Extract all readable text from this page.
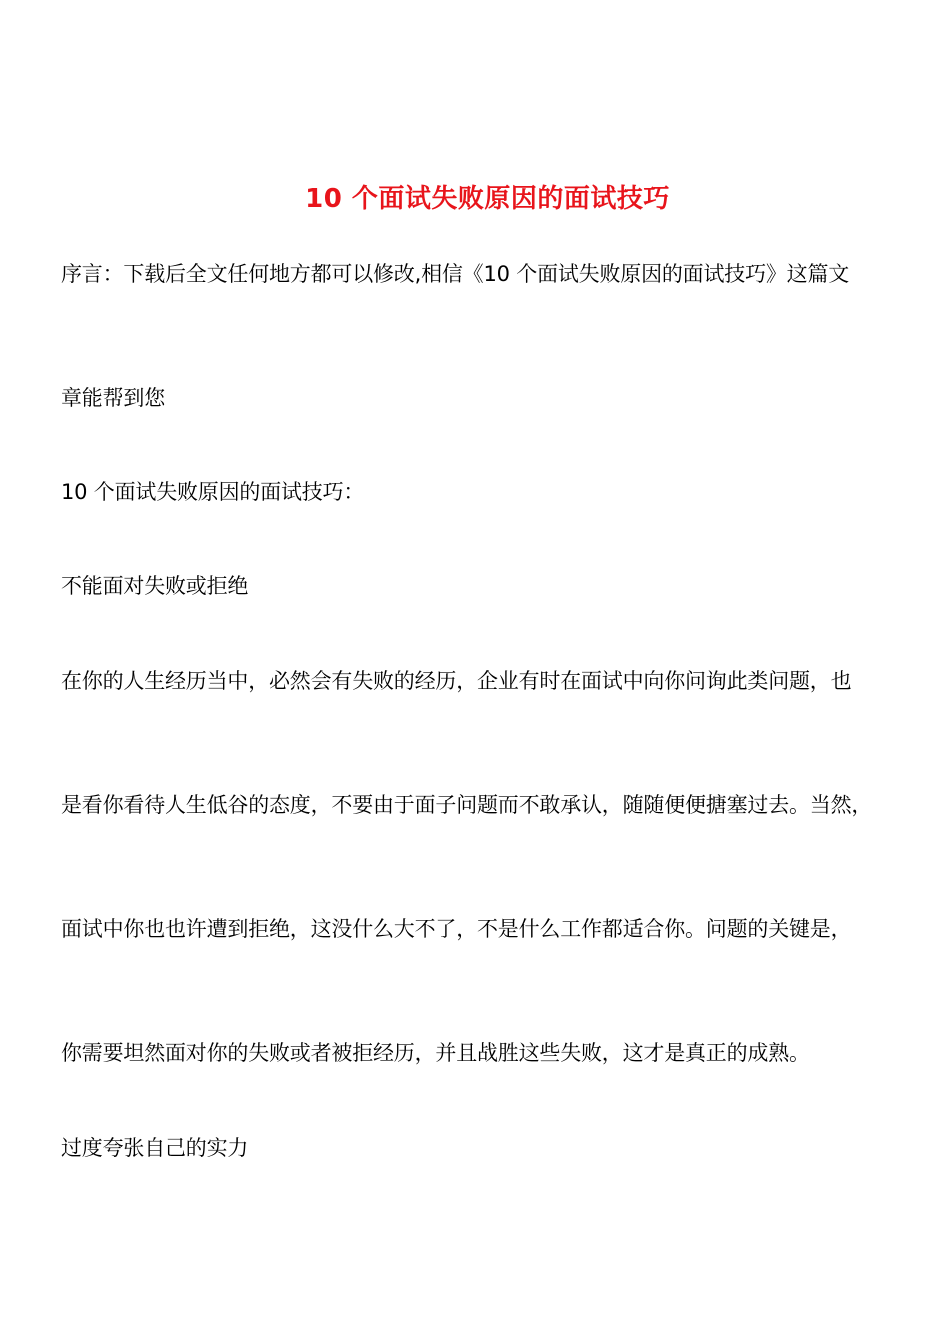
10 个面试失败原因的面试技巧
序言：下载后全文任何地方都可以修改,相信《10 个面试失败原因的面试技巧》这篇文
章能帮到您
10 个面试失败原因的面试技巧：
不能面对失败或拒绝
在你的人生经历当中，必然会有失败的经历，企业有时在面试中向你问询此类问题，也
是看你看待人生低谷的态度，不要由于面子问题而不敢承认，随随便便搪塞过去。当然，
面试中你也也许遭到拒绝，这没什么大不了，不是什么工作都适合你。问题的关键是，
你需要坦然面对你的失败或者被拒经历，并且战胜这些失败，这才是真正的成熟。
过度夸张自己的实力
